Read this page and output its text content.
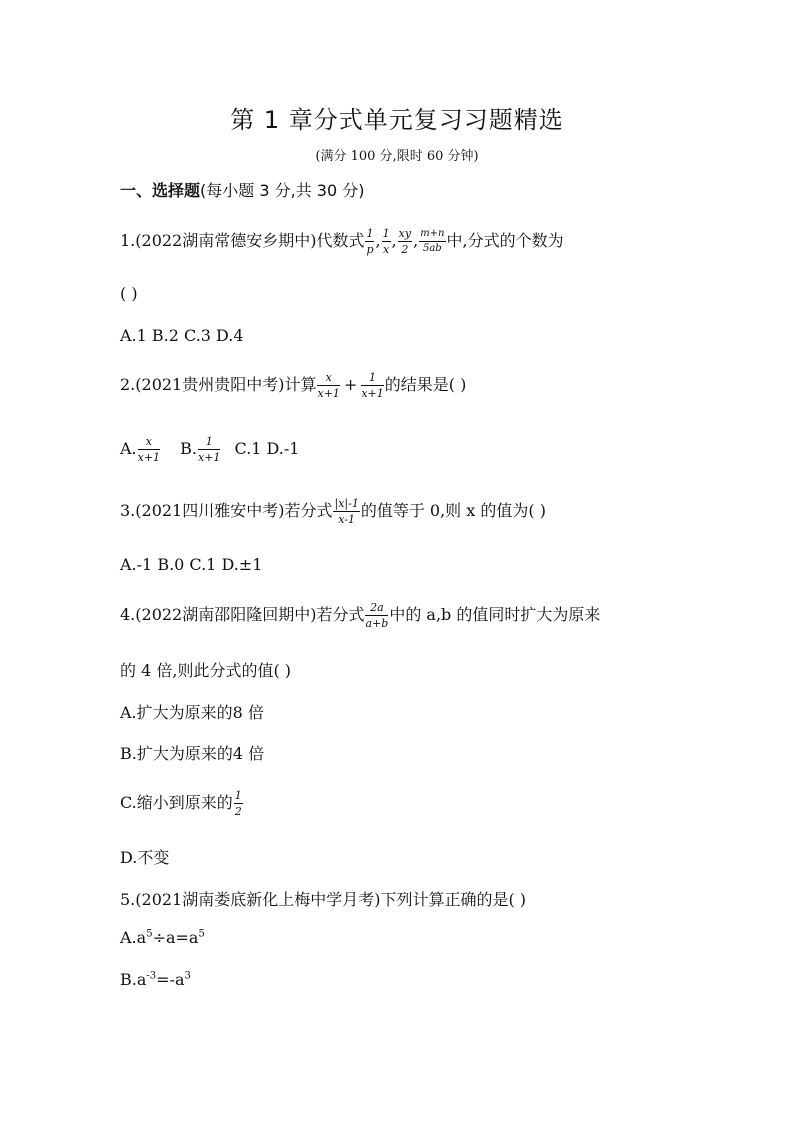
第 1 章分式单元复习习题精选
(满分 100 分,限时 60 分钟)
一、选择题(每小题 3 分,共 30 分)
1.(2022湖南常德安乡期中)代数式 $\frac{1}{p}$ , $\frac{1}{x}$ , $\frac{xy}{2}$ , $\frac{m+n}{5ab}$ 中,分式的个数为
( )
A.1 B.2 C.3 D.4
2.(2021贵州贵阳中考)计算 $\frac{x}{x+1} + \frac{1}{x+1}$ 的结果是( )
A. $\frac{x}{x+1} B$. $\frac{1}{x+1} C.1$ D.-1
3.(2021四川雅安中考)若分式 $\frac{|x|-1}{x-1}$ 的值等于 0,则 x 的值为( )
A.-1 B.0 C.1 D.±1
4.(2022湖南邵阳隆回期中)若分式 $\frac{2a}{a+b}$ 中的 a,b 的值同时扩大为原来
的 4 倍,则此分式的值( )
A.扩大为原来的8 倍
B.扩大为原来的4 倍
C.缩小到原来的 $\frac{1}{2}$
D.不变
5.(2021湖南娄底新化上梅中学月考)下列计算正确的是( )
$A.a^5\div a=a^5$
$B.a^{-3}=-a^3$
